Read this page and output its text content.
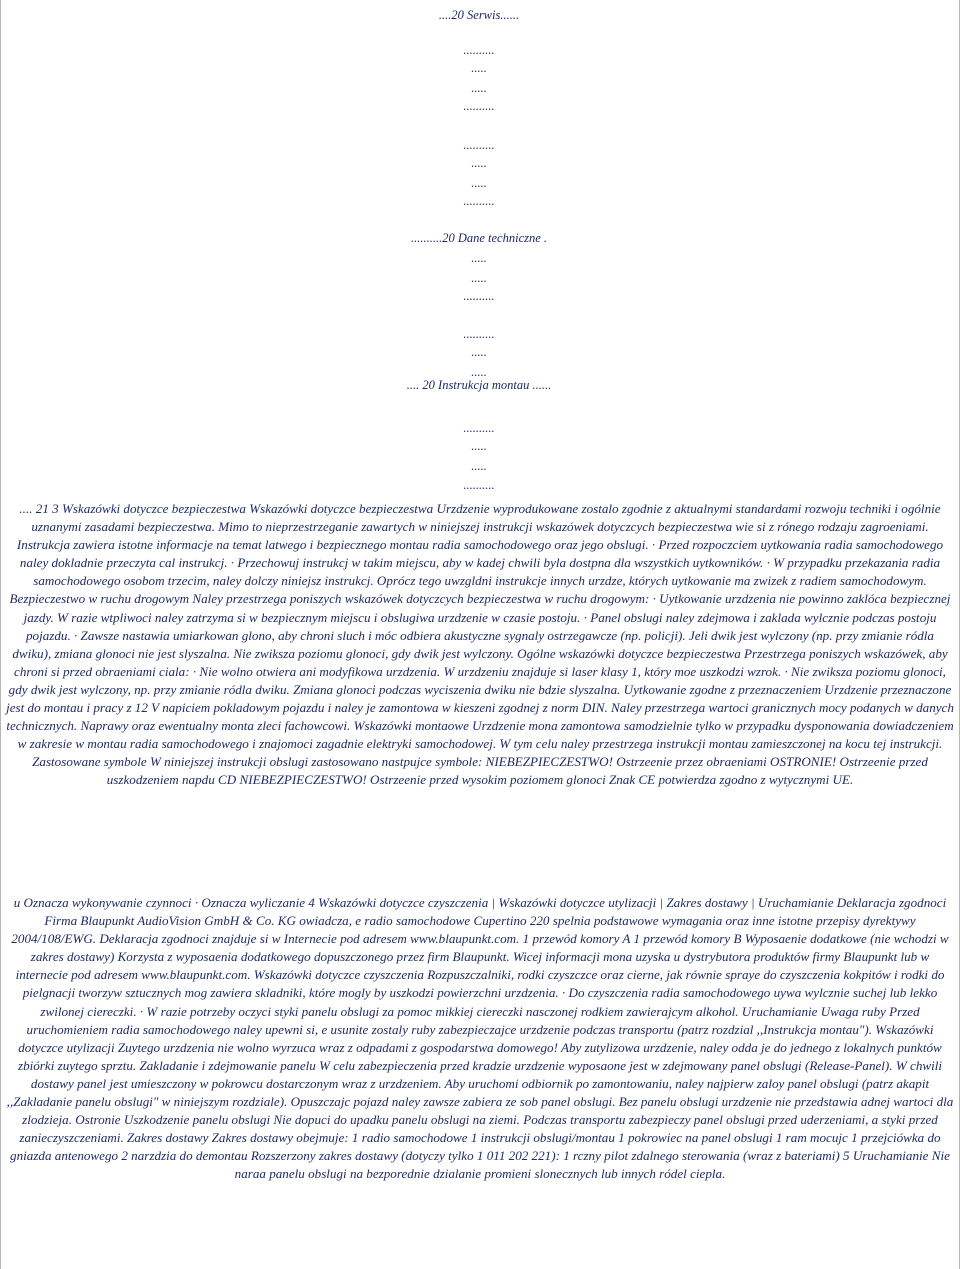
....20 Serwis......
..........
.....
.....
..........
..........
.....
.....
..........
..........20 Dane techniczne .
.....
.....
..........
..........
.....
.....
.... 20 Instrukcja montau ......
..........
.....
.....
..........

.... 21 3 Wskazówki dotyczce bezpieczestwa Wskazówki dotyczce bezpieczestwa Urzdzenie wyprodukowane zostalo zgodnie z aktualnymi standardami rozwoju techniki i ogólnie uznanymi zasadami bezpieczestwa. Mimo to nieprzestrzeganie zawartych w niniejszej instrukcji wskazówek dotyczcych bezpieczestwa wie si z rónego rodzaju zagroeniami. Instrukcja zawiera istotne informacje na temat latwego i bezpiecznego montau radia samochodowego oraz jego obslugi. · Przed rozpoczciem uytkowania radia samochodowego naley dokladnie przeczyta cal instrukcj. · Przechowuj instrukcj w takim miejscu, aby w kadej chwili byla dostpna dla wszystkich uytkowników. · W przypadku przekazania radia samochodowego osobom trzecim, naley dolczy niniejsz instrukcj. Oprócz tego uwzgldni instrukcje innych urzdze, których uytkowanie ma zwizek z radiem samochodowym. Bezpieczestwo w ruchu drogowym Naley przestrzega poniszych wskazówek dotyczcych bezpieczestwa w ruchu drogowym: · Uytkowanie urzdzenia nie powinno zaklóca bezpiecznej jazdy. W razie wtpliwoci naley zatrzyma si w bezpiecznym miejscu i obslugiwa urzdzenie w czasie postoju. · Panel obslugi naley zdejmowa i zaklada wylcznie podczas postoju pojazdu. · Zawsze nastawia umiarkowan glono, aby chroni sluch i móc odbiera akustyczne sygnaly ostrzegawcze (np. policji). Jeli dwik jest wylczony (np. przy zmianie ródla dwiku), zmiana glonoci nie jest slyszalna. Nie zwiksza poziomu glonoci, gdy dwik jest wylczony. Ogólne wskazówki dotyczce bezpieczestwa Przestrzega poniszych wskazówek, aby chroni si przed obraeniami ciala: · Nie wolno otwiera ani modyfikowa urzdzenia. W urzdzeniu znajduje si laser klasy 1, który moe uszkodzi wzrok. · Nie zwiksza poziomu glonoci, gdy dwik jest wylczony, np. przy zmianie ródla dwiku. Zmiana glonoci podczas wyciszenia dwiku nie bdzie slyszalna. Uytkowanie zgodne z przeznaczeniem Urzdzenie przeznaczone jest do montau i pracy z 12 V napiciem pokladowym pojazdu i naley je zamontowa w kieszeni zgodnej z norm DIN. Naley przestrzega wartoci granicznych mocy podanych w danych technicznych. Naprawy oraz ewentualny monta zleci fachowcowi. Wskazówki montaowe Urzdzenie mona zamontowa samodzielnie tylko w przypadku dysponowania dowiadczeniem w zakresie w montau radia samochodowego i znajomoci zagadnie elektryki samochodowej. W tym celu naley przestrzega instrukcji montau zamieszczonej na kocu tej instrukcji. Zastosowane symbole W niniejszej instrukcji obslugi zastosowano nastpujce symbole: NIEBEZPIECZESTWO! Ostrzeenie przez obraeniami OSTRONIE! Ostrzeenie przed uszkodzeniem napdu CD NIEBEZPIECZESTWO! Ostrzeenie przed wysokim poziomem glonoci Znak CE potwierdza zgodno z wytycznymi UE.

u Oznacza wykonywanie czynnoci · Oznacza wyliczanie 4 Wskazówki dotyczce czyszczenia | Wskazówki dotyczce utylizacji | Zakres dostawy | Uruchamianie Deklaracja zgodnoci Firma Blaupunkt AudioVision GmbH & Co. KG owiadcza, e radio samochodowe Cupertino 220 spelnia podstawowe wymagania oraz inne istotne przepisy dyrektywy 2004/108/EWG. Deklaracja zgodnoci znajduje si w Internecie pod adresem www.blaupunkt.com. 1 przewód komory A 1 przewód komory B Wyposaenie dodatkowe (nie wchodzi w zakres dostawy) Korzysta z wyposaenia dodatkowego dopuszczonego przez firm Blaupunkt. Wicej informacji mona uzyska u dystrybutora produktów firmy Blaupunkt lub w internecie pod adresem www.blaupunkt.com. Wskazówki dotyczce czyszczenia Rozpuszczalniki, rodki czyszczce oraz cierne, jak równie spraye do czyszczenia kokpitów i rodki do pielgnacji tworzyw sztucznych mog zawiera skladniki, które mogly by uszkodzi powierzchni urzdzenia. · Do czyszczenia radia samochodowego uywa wylcznie suchej lub lekko zwilonej ciereczki. · W razie potrzeby oczyci styki panelu obslugi za pomoc mikkiej ciereczki nasczonej rodkiem zawierajcym alkohol. Uruchamianie Uwaga ruby Przed uruchomieniem radia samochodowego naley upewni si, e usunite zostaly ruby zabezpieczajce urzdzenie podczas transportu (patrz rozdzial ,,Instrukcja montau"). Wskazówki dotyczce utylizacji Zuytego urzdzenia nie wolno wyrzuca wraz z odpadami z gospodarstwa domowego! Aby zutylizowa urzdzenie, naley odda je do jednego z lokalnych punktów zbiórki zuytego sprztu. Zakladanie i zdejmowanie panelu W celu zabezpieczenia przed kradzie urzdzenie wyposaone jest w zdejmowany panel obslugi (Release-Panel). W chwili dostawy panel jest umieszczony w pokrowcu dostarczonym wraz z urzdzeniem. Aby uruchomi odbiornik po zamontowaniu, naley najpierw zaloy panel obslugi (patrz akapit ,,Zakladanie panelu obslugi" w niniejszym rozdziale). Opuszczajc pojazd naley zawsze zabiera ze sob panel obslugi. Bez panelu obslugi urzdzenie nie przedstawia adnej wartoci dla zlodzieja. Ostronie Uszkodzenie panelu obslugi Nie dopuci do upadku panelu obslugi na ziemi. Podczas transportu zabezpieczy panel obslugi przed uderzeniami, a styki przed zanieczyszczeniami. Zakres dostawy Zakres dostawy obejmuje: 1 radio samochodowe 1 instrukcji obslugi/montau 1 pokrowiec na panel obslugi 1 ram mocujc 1 przejciówka do gniazda antenowego 2 narzdzia do demontau Rozszerzony zakres dostawy (dotyczy tylko 1 011 202 221): 1 rczny pilot zdalnego sterowania (wraz z bateriami) 5 Uruchamianie Nie naraa panelu obslugi na bezporednie dzialanie promieni slonecznych lub innych ródel ciepla.
